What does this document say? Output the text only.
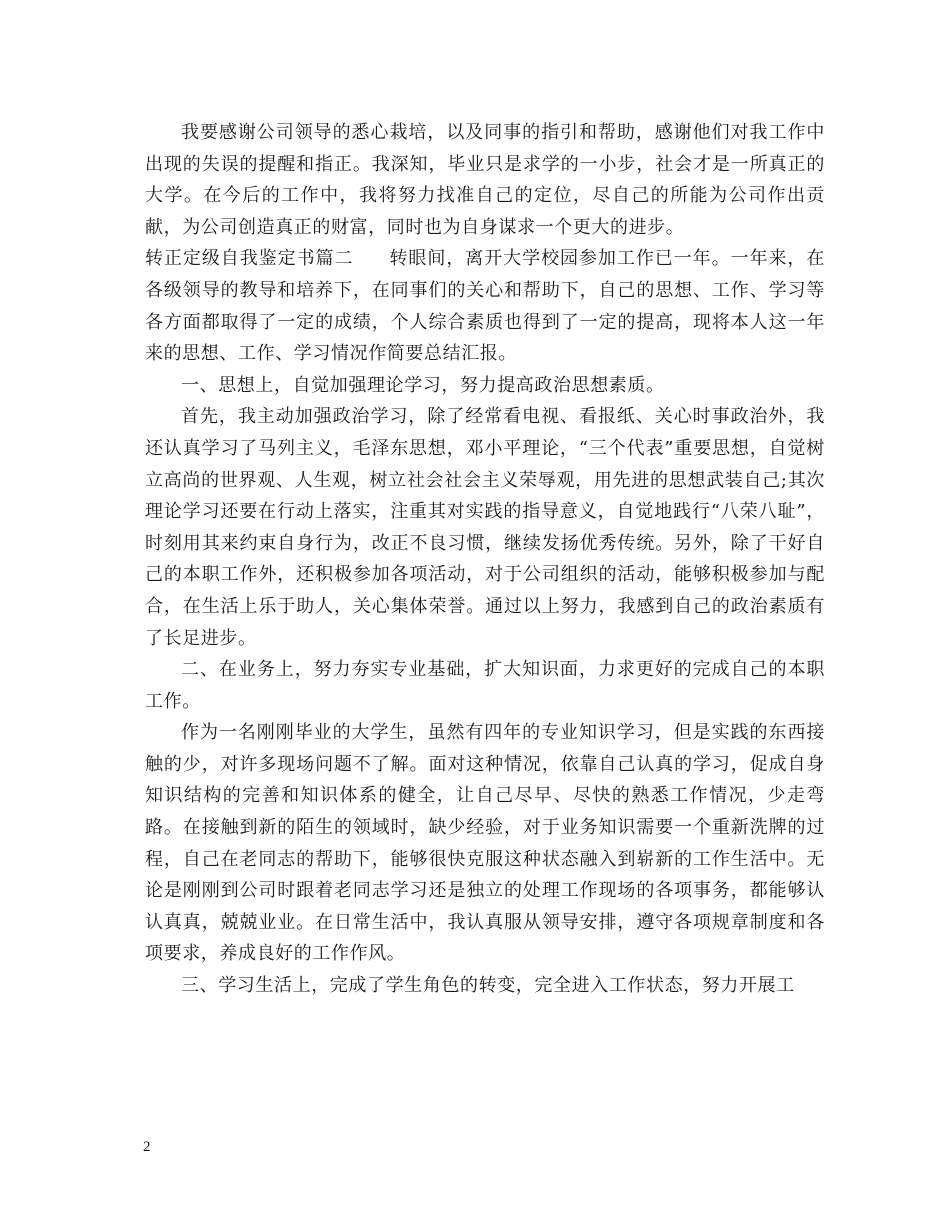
我要感谢公司领导的悉心栽培，以及同事的指引和帮助，感谢他们对我工作中出现的失误的提醒和指正。我深知，毕业只是求学的一小步，社会才是一所真正的大学。在今后的工作中，我将努力找准自己的定位，尽自己的所能为公司作出贡献，为公司创造真正的财富，同时也为自身谋求一个更大的进步。

转正定级自我鉴定书篇二 转眼间，离开大学校园参加工作已一年。一年来，在各级领导的教导和培养下，在同事们的关心和帮助下，自己的思想、工作、学习等各方面都取得了一定的成绩，个人综合素质也得到了一定的提高，现将本人这一年来的思想、工作、学习情况作简要总结汇报。

一、思想上，自觉加强理论学习，努力提高政治思想素质。

首先，我主动加强政治学习，除了经常看电视、看报纸、关心时事政治外，我还认真学习了马列主义，毛泽东思想，邓小平理论，“三个代表”重要思想，自觉树立高尚的世界观、人生观，树立社会社会主义荣辱观，用先进的思想武装自己;其次理论学习还要在行动上落实，注重其对实践的指导意义，自觉地践行“八荣八耻”，时刻用其来约束自身行为，改正不良习惯，继续发扬优秀传统。另外，除了干好自己的本职工作外，还积极参加各项活动，对于公司组织的活动，能够积极参加与配合，在生活上乐于助人，关心集体荣誉。通过以上努力，我感到自己的政治素质有了长足进步。

二、在业务上，努力夯实专业基础，扩大知识面，力求更好的完成自己的本职工作。

作为一名刚刚毕业的大学生，虽然有四年的专业知识学习，但是实践的东西接触的少，对许多现场问题不了解。面对这种情况，依靠自己认真的学习，促成自身知识结构的完善和知识体系的健全，让自己尽早、尽快的熟悉工作情况，少走弯路。在接触到新的陌生的领域时，缺少经验，对于业务知识需要一个重新洗牌的过程，自己在老同志的帮助下，能够很快克服这种状态融入到崭新的工作生活中。无论是刚刚到公司时跟着老同志学习还是独立的处理工作现场的各项事务，都能够认认真真，兢兢业业。在日常生活中，我认真服从领导安排，遵守各项规章制度和各项要求，养成良好的工作作风。

三、学习生活上，完成了学生角色的转变，完全进入工作状态，努力开展工

2
